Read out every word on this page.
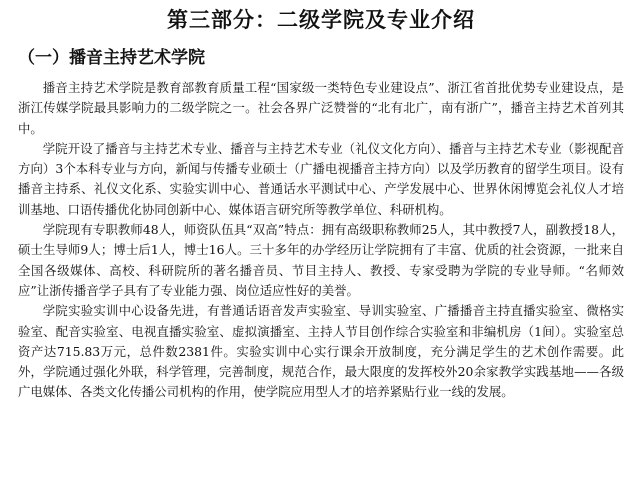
第三部分：二级学院及专业介绍
（一）播音主持艺术学院

播音主持艺术学院是教育部教育质量工程“国家级一类特色专业建设点”、浙江省首批优势专业建设点，是浙江传媒学院最具影响力的二级学院之一。社会各界广泛赞誉的“北有北广，南有浙广”，播音主持艺术首列其中。

学院开设了播音与主持艺术专业、播音与主持艺术专业（礼仪文化方向）、播音与主持艺术专业（影视配音方向）3个本科专业与方向，新闻与传播专业硕士（广播电视播音主持方向）以及学历教育的留学生项目。设有播音主持系、礼仪文化系、实验实训中心、普通话水平测试中心、产学发展中心、世界休闲博览会礼仪人才培训基地、口语传播优化协同创新中心、媒体语言研究所等教学单位、科研机构。

学院现有专职教师48人，师资队伍具“双高”特点：拥有高级职称教师25人，其中教授7人，副教授18人，硕士生导师9人；博士后1人，博士16人。三十多年的办学经历让学院拥有了丰富、优质的社会资源，一批来自全国各级媒体、高校、科研院所的著名播音员、节目主持人、教授、专家受聘为学院的专业导师。“名师效应”让浙传播音学子具有了专业能力强、岗位适应性好的美誉。

学院实验实训中心设备先进，有普通话语音发声实验室、导训实验室、广播播音主持直播实验室、微格实验室、配音实验室、电视直播实验室、虚拟演播室、主持人节目创作综合实验室和非编机房（1间）。实验室总资产达715.83万元，总件数2381件。实验实训中心实行课余开放制度，充分满足学生的艺术创作需要。此外，学院通过强化外联，科学管理，完善制度，规范合作，最大限度的发挥校外20余家教学实践基地——各级广电媒体、各类文化传播公司机构的作用，使学院应用型人才的培养紧贴行业一线的发展。
